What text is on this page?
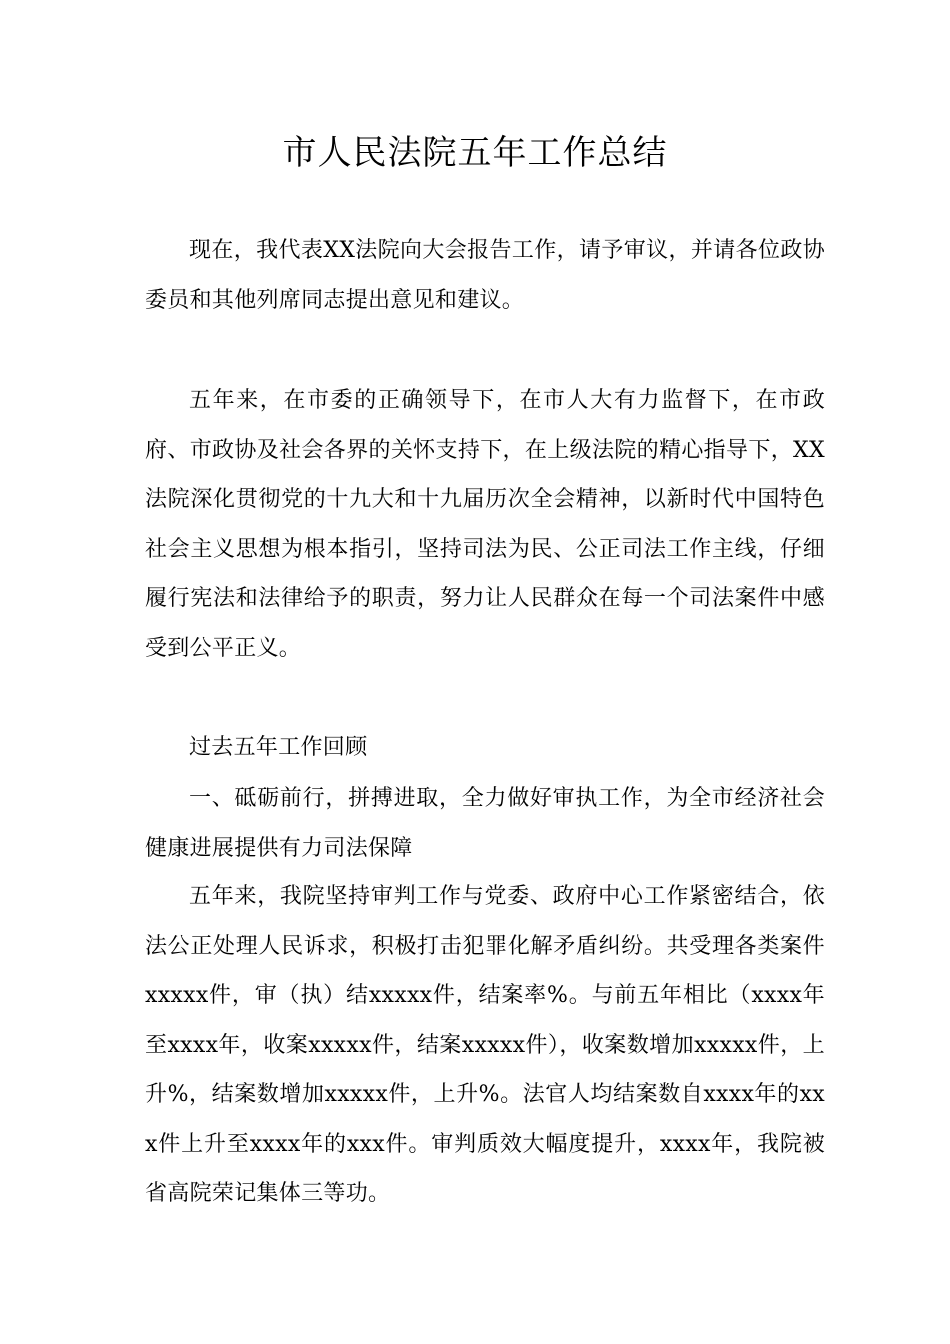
市人民法院五年工作总结

现在，我代表XX法院向大会报告工作，请予审议，并请各位政协委员和其他列席同志提出意见和建议。

五年来，在市委的正确领导下，在市人大有力监督下，在市政府、市政协及社会各界的关怀支持下，在上级法院的精心指导下，XX法院深化贯彻党的十九大和十九届历次全会精神，以新时代中国特色社会主义思想为根本指引，坚持司法为民、公正司法工作主线，仔细履行宪法和法律给予的职责，努力让人民群众在每一个司法案件中感受到公平正义。

过去五年工作回顾

一、砥砺前行，拼搏进取，全力做好审执工作，为全市经济社会健康进展提供有力司法保障

五年来，我院坚持审判工作与党委、政府中心工作紧密结合，依法公正处理人民诉求，积极打击犯罪化解矛盾纠纷。共受理各类案件xxxxx件，审（执）结xxxxx件，结案率%。与前五年相比（xxxx年至xxxx年，收案xxxxx件，结案xxxxx件），收案数增加xxxxx件，上升%，结案数增加xxxxx件，上升%。法官人均结案数自xxxx年的xxx件上升至xxxx年的xxx件。审判质效大幅度提升，xxxx年，我院被省高院荣记集体三等功。
